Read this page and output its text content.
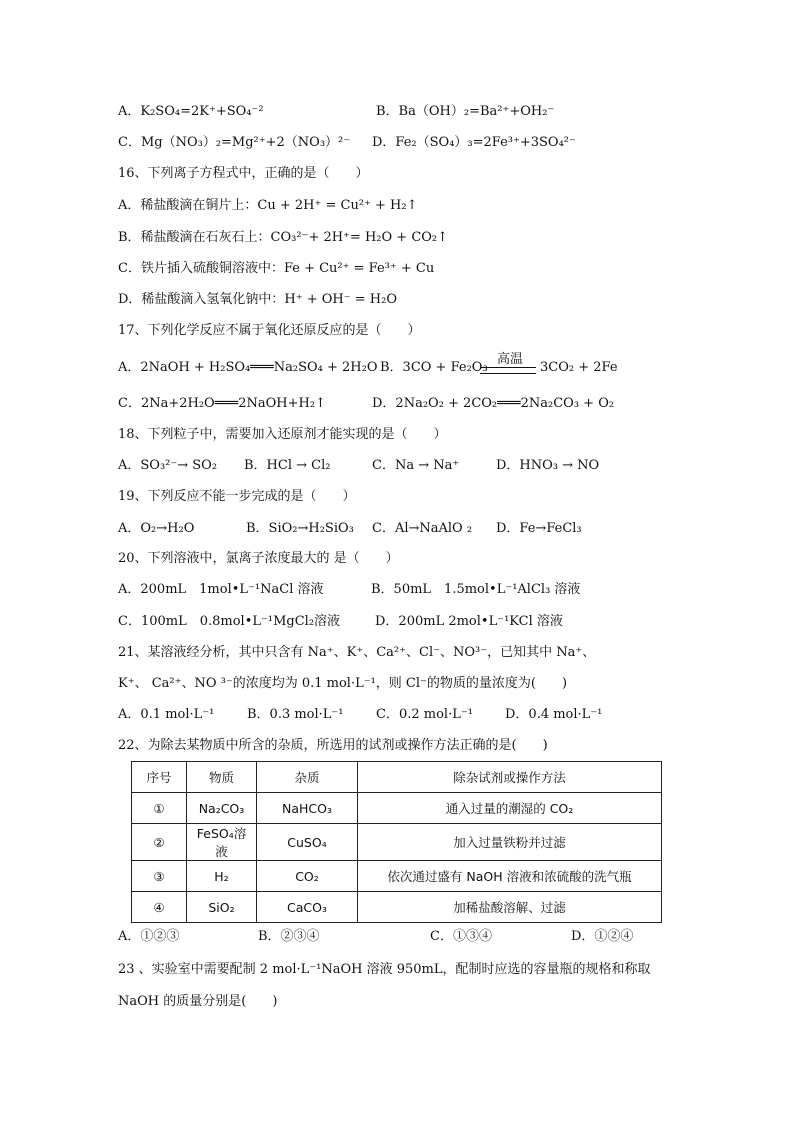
A．K₂SO₄=2K⁺+SO₄⁻²	B．Ba（OH）₂=Ba²⁺+OH₂⁻
C．Mg（NO₃）₂=Mg²⁺+2（NO₃）²⁻ D．Fe₂（SO₄）₃=2Fe³⁺+3SO₄²⁻
16、下列离子方程式中，正确的是（　　）
A．稀盐酸滴在铜片上：Cu + 2H⁺ = Cu²⁺ + H₂↑
B．稀盐酸滴在石灰石上：CO₃²⁻+ 2H⁺= H₂O + CO₂↑
C．铁片插入硫酸铜溶液中：Fe + Cu²⁺ = Fe³⁺ + Cu
D．稀盐酸滴入氢氧化钠中：H⁺ + OH⁻ = H₂O
17、下列化学反应不属于氧化还原反应的是（　　）
A．2NaOH + H₂SO₄═══Na₂SO₄ + 2H₂O B．3CO + Fe₂O₃
高温
3CO₂ + 2Fe
C．2Na+2H₂O═══2NaOH+H₂↑	D．2Na₂O₂ + 2CO₂═══2Na₂CO₃ + O₂
18、下列粒子中，需要加入还原剂才能实现的是（　　）
A．SO₃²⁻→ SO₂ B．HCl → Cl₂	C．Na → Na⁺	D．HNO₃ → NO
19、下列反应不能一步完成的是（　　）
A．O₂→H₂O	B．SiO₂→H₂SiO₃ C．Al→NaAlO ₂ D．Fe→FeCl₃
20、下列溶液中，氯离子浓度最大的 是（　　）
A．200mL　1mol•L⁻¹NaCl 溶液	B．50mL　1.5mol•L⁻¹AlCl₃ 溶液
C．100mL　0.8mol•L⁻¹MgCl₂溶液	D．200mL 2mol•L⁻¹KCl 溶液
21、某溶液经分析，其中只含有 Na⁺、K⁺、Ca²⁺、Cl⁻、NO³⁻，已知其中 Na⁺、
K⁺、 Ca²⁺、NO ³⁻的浓度均为 0.1 mol·L⁻¹，则 Cl⁻的物质的量浓度为(　　)
A．0.1 mol·L⁻¹	B．0.3 mol·L⁻¹ C．0.2 mol·L⁻¹ D．0.4 mol·L⁻¹
22、为除去某物质中所含的杂质，所选用的试剂或操作方法正确的是(　　)
序号	物质	杂质	除杂试剂或操作方法
①	Na₂CO₃	NaHCO₃	通入过量的潮湿的 CO₂
②	FeSO₄溶液	CuSO₄	加入过量铁粉并过滤
③	H₂	CO₂	依次通过盛有 NaOH 溶液和浓硫酸的洗气瓶
④	SiO₂	CaCO₃	加稀盐酸溶解、过滤
A．①②③	B．②③④	C．①③④	D．①②④
23 、实验室中需要配制 2 mol·L⁻¹NaOH 溶液 950mL，配制时应选的容量瓶的规格和称取
NaOH 的质量分别是(　　)
